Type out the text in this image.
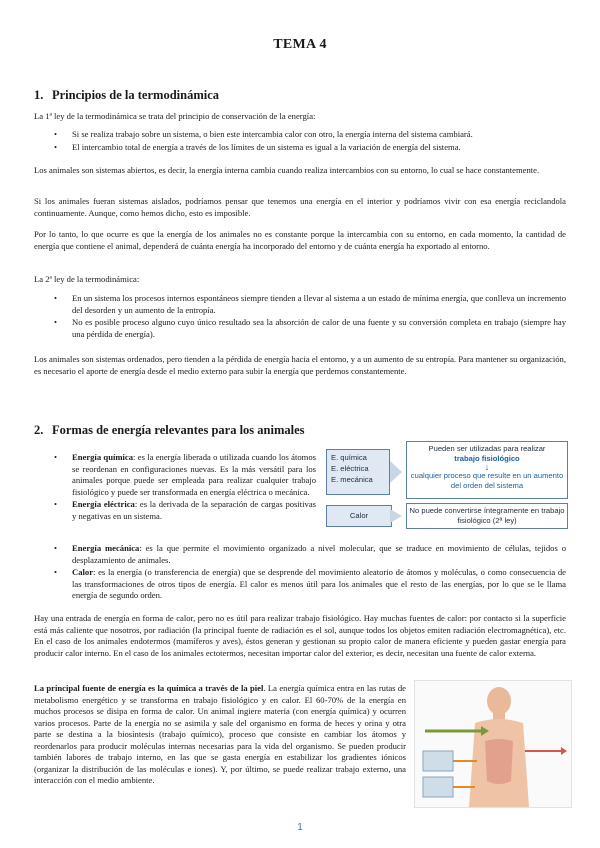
TEMA 4
1. Principios de la termodinámica
La 1ª ley de la termodinámica se trata del principio de conservación de la energía:
• Si se realiza trabajo sobre un sistema, o bien este intercambia calor con otro, la energía interna del sistema cambiará.
• El intercambio total de energía a través de los límites de un sistema es igual a la variación de energía del sistema.
Los animales son sistemas abiertos, es decir, la energía interna cambia cuando realiza intercambios con su entorno, lo cual se hace constantemente.
Si los animales fueran sistemas aislados, podríamos pensar que tenemos una energía en el interior y podríamos vivir con esa energía reciclandola continuamente. Aunque, como hemos dicho, esto es imposible.
Por lo tanto, lo que ocurre es que la energía de los animales no es constante porque la intercambia con su entorno, en cada momento, la cantidad de energía que contiene el animal, dependerá de cuánta energía ha incorporado del entorno y de cuánta energía ha exportado al entorno.
La 2ª ley de la termodinámica:
• En un sistema los procesos internos espontáneos siempre tienden a llevar al sistema a un estado de mínima energía, que conlleva un incremento del desorden y un aumento de la entropía.
• No es posible proceso alguno cuyo único resultado sea la absorción de calor de una fuente y su conversión completa en trabajo (siempre hay una pérdida de energía).
Los animales son sistemas ordenados, pero tienden a la pérdida de energía hacia el entorno, y a un aumento de su entropía. Para mantener su organización, es necesario el aporte de energía desde el medio externo para subir la energía que perdemos constantemente.
2. Formas de energía relevantes para los animales
• Energía química: es la energía liberada o utilizada cuando los átomos se reordenan en configuraciones nuevas. Es la más versátil para los animales porque puede ser empleada para realizar cualquier trabajo fisiológico y puede ser transformada en energía eléctrica o mecánica.
• Energía eléctrica: es la derivada de la separación de cargas positivas y negativas en un sistema.
• Energía mecánica: es la que permite el movimiento organizado a nivel molecular, que se traduce en movimiento de células, tejidos o desplazamiento de animales.
• Calor: es la energía (o transferencia de energía) que se desprende del movimiento aleatorio de átomos y moléculas, o como consecuencia de las transformaciones de otros tipos de energía. El calor es menos útil para los animales que el resto de las energías, por lo que se le llama energía de segundo orden.
E. química
E. eléctrica
E. mecánica
Pueden ser utilizadas para realizar
trabajo fisiológico
↓
cualquier proceso que resulte en un aumento del orden del sistema
Calor
No puede convertirse íntegramente en trabajo fisiológico (2ª ley)
Hay una entrada de energía en forma de calor, pero no es útil para realizar trabajo fisiológico. Hay muchas fuentes de calor: por contacto si la superficie está más caliente que nosotros, por radiación (la principal fuente de radiación es el sol, aunque todos los objetos emiten radiación electromagnética), etc. En el caso de los animales endotermos (mamíferos y aves), éstos generan y gestionan su propio calor de manera eficiente y pueden gastar energía para producir calor interno. En el caso de los animales ectotermos, necesitan importar calor del exterior, es decir, necesitan una fuente de calor externa.
La principal fuente de energía es la química a través de la piel. La energía química entra en las rutas de metabolismo energético y se transforma en trabajo fisiológico y en calor. El 60-70% de la energía en muchos procesos se disipa en forma de calor. Un animal ingiere materia (con energía química) y ocurren varios procesos. Parte de la energía no se asimila y sale del organismo en forma de heces y orina y otra parte se destina a la biosíntesis (trabajo químico), proceso que consiste en cambiar los átomos y reordenarlos para producir moléculas internas necesarias para la vida del organismo. Se pueden producir también labores de trabajo interno, en las que se gasta energía en estabilizar los gradientes iónicos (organizar la distribución de las moléculas e iones). Y, por último, se puede realizar trabajo externo, una interacción con el medio ambiente.
1
